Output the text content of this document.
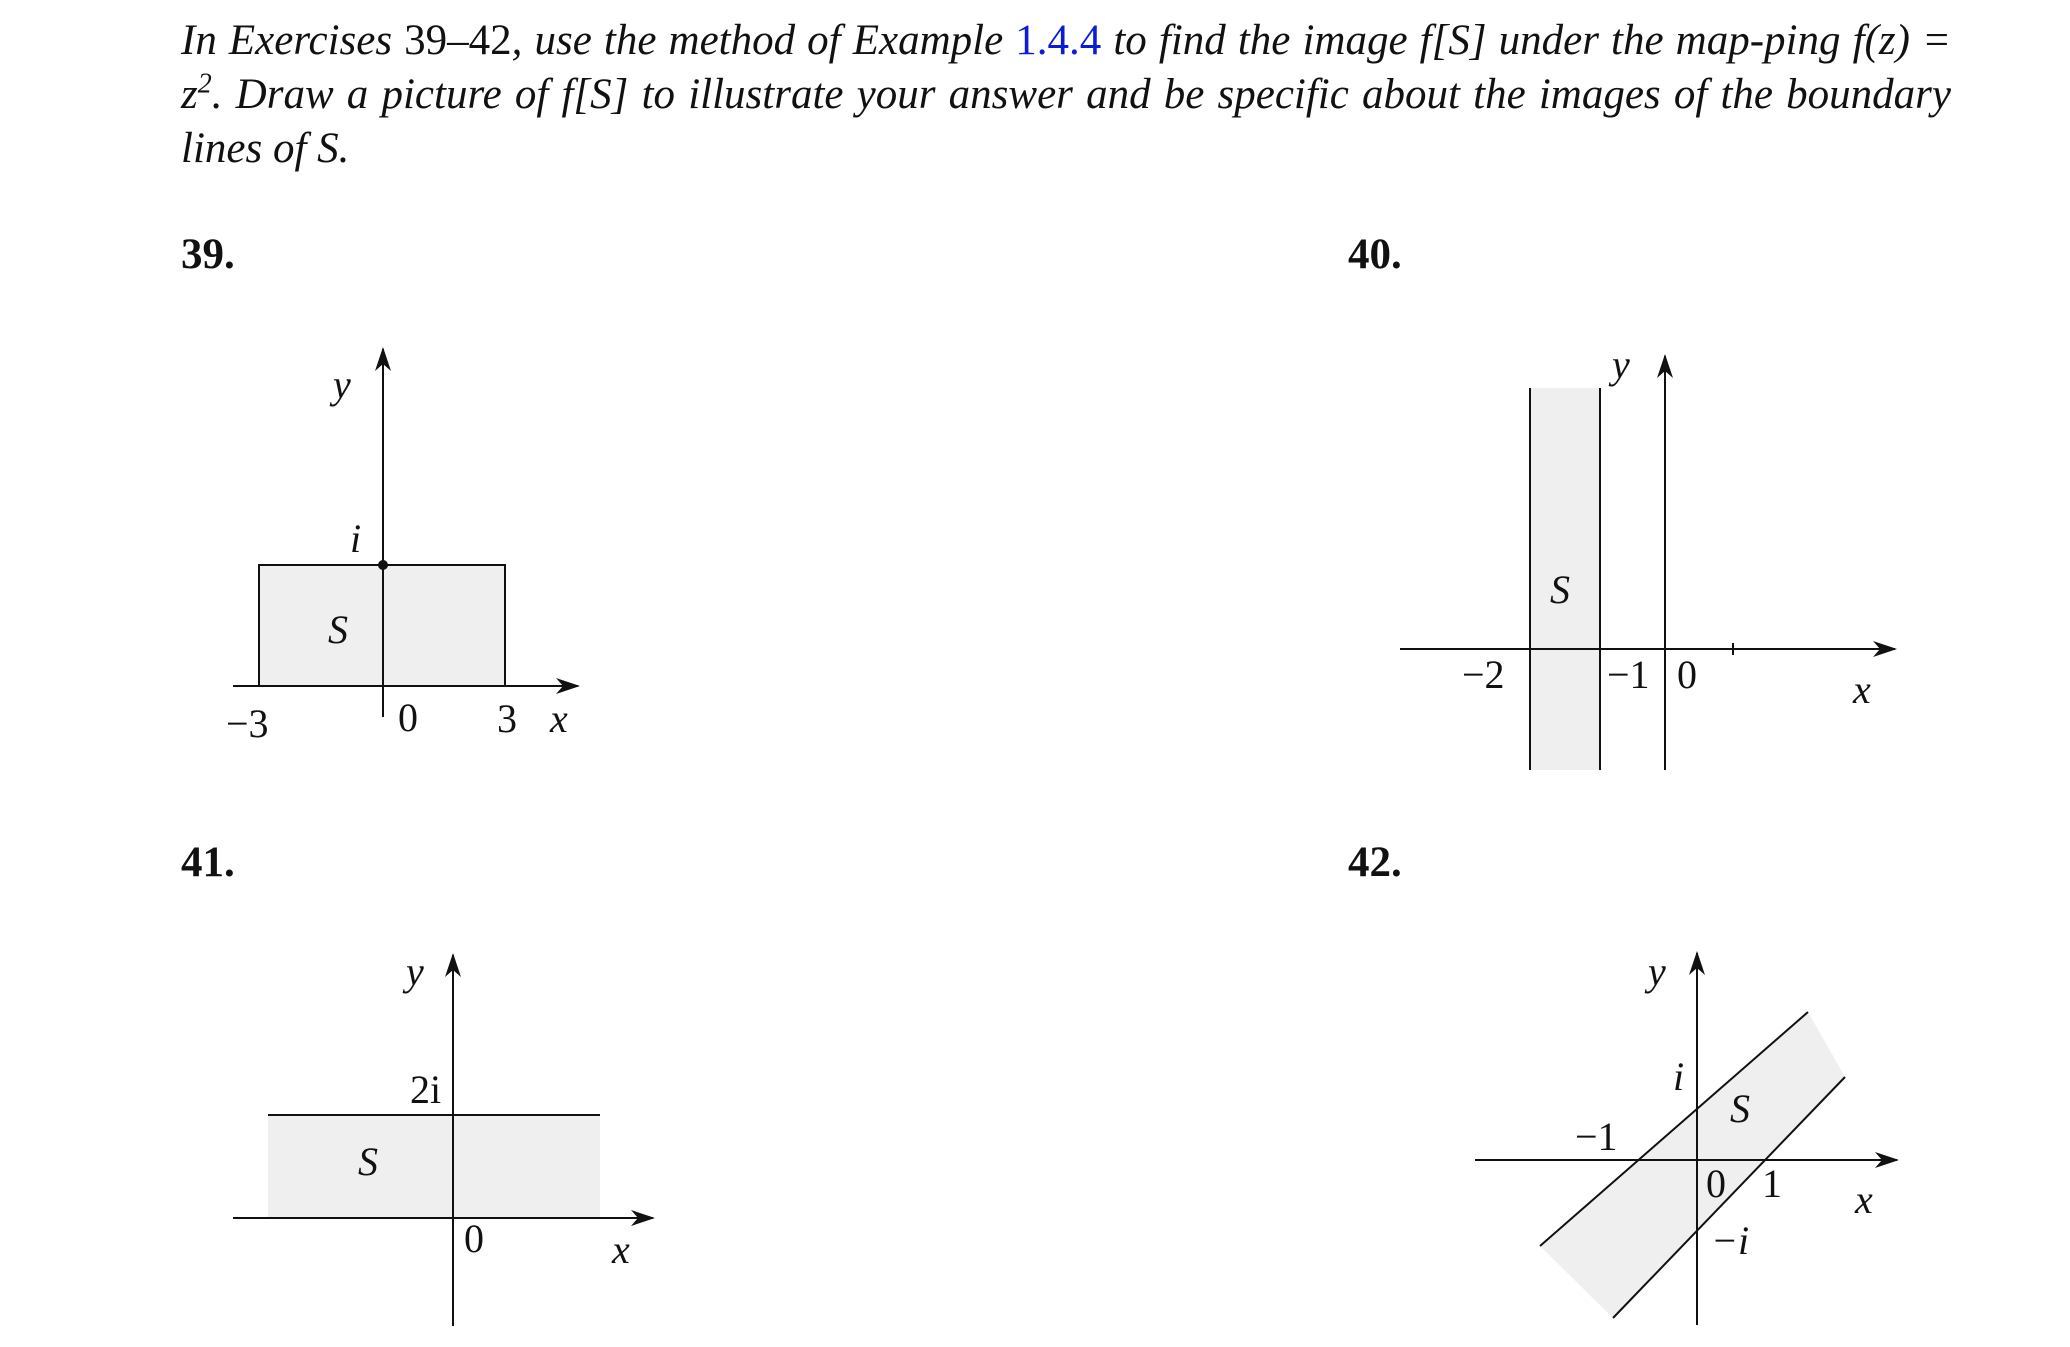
In Exercises 39–42, use the method of Example 1.4.4 to find the image f[S] under the map-ping $f(z) = z^2$. Draw a picture of f[S] to illustrate your answer and be specific about the images of the boundary lines of S.
39.	40.
41.	42.
y
i
S
−3	0 3 x
y
S
−2	−1 0	x
y
2i
S
0	x
y
i
S
−1
0 1
−i
x
